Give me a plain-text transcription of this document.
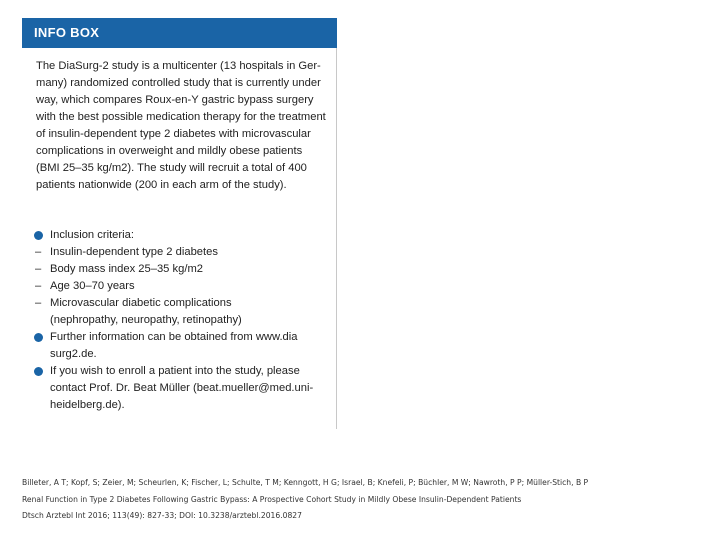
INFO BOX
The DiaSurg-2 study is a multicenter (13 hospitals in Ger-
many) randomized controlled study that is currently under
way, which compares Roux-en-Y gastric bypass surgery
with the best possible medication therapy for the treatment
of insulin-dependent type 2 diabetes with microvascular
complications in overweight and mildly obese patients
(BMI 25–35 kg/m2). The study will recruit a total of 400
patients nationwide (200 in each arm of the study).
Inclusion criteria:
– Insulin-dependent type 2 diabetes
– Body mass index 25–35 kg/m2
– Age 30–70 years
– Microvascular diabetic complications
(nephropathy, neuropathy, retinopathy)
Further information can be obtained from www.dia
surg2.de.
If you wish to enroll a patient into the study, please
contact Prof. Dr. Beat Müller (beat.mueller@med.uni-
heidelberg.de).
Billeter, A T; Kopf, S; Zeier, M; Scheurlen, K; Fischer, L; Schulte, T M; Kenngott, H G; Israel, B; Knefeli, P; Büchler, M W; Nawroth, P P; Müller-Stich, B P
Renal Function in Type 2 Diabetes Following Gastric Bypass: A Prospective Cohort Study in Mildly Obese Insulin-Dependent Patients
Dtsch Arztebl Int 2016; 113(49): 827-33; DOI: 10.3238/arztebl.2016.0827
